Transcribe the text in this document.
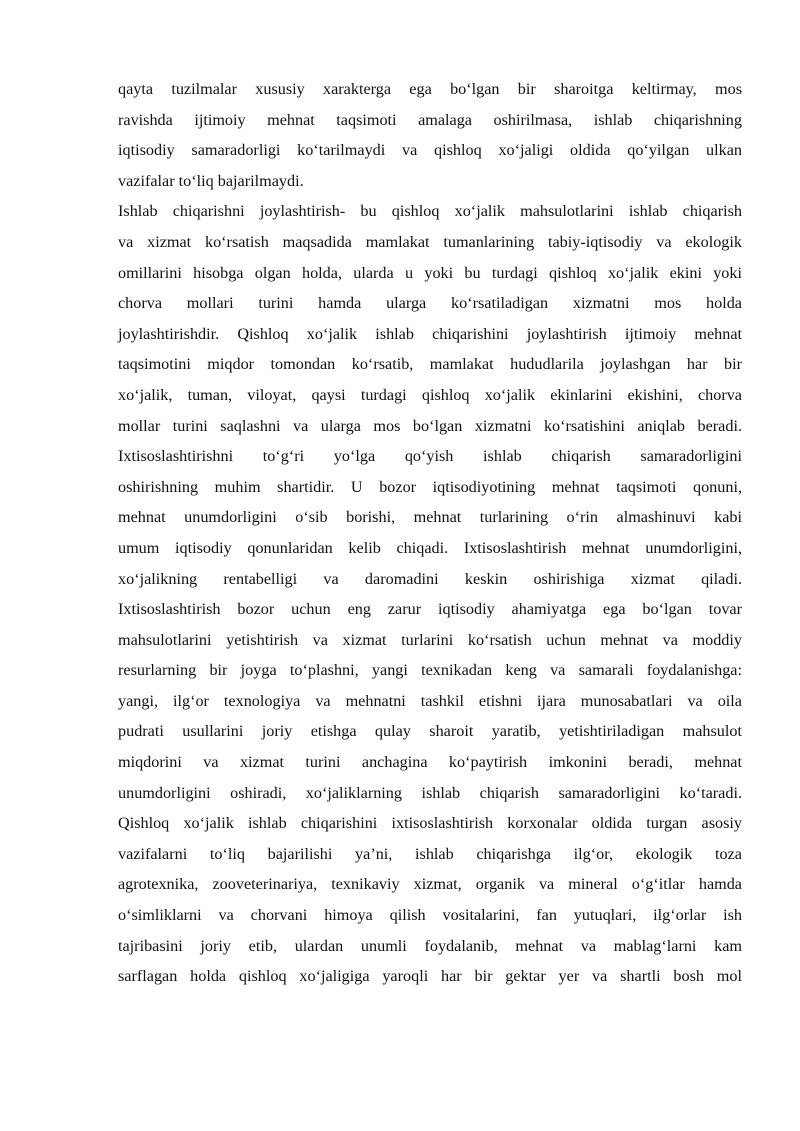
qayta tuzilmalar xususiy xarakterga ega boʻlgan bir sharoitga keltirmay, mos
ravishda ijtimoiy mehnat taqsimoti amalaga oshirilmasa, ishlab chiqarishning
iqtisodiy samaradorligi koʻtarilmaydi va qishloq xoʻjaligi oldida qoʻyilgan ulkan
vazifalar toʻliq bajarilmaydi.
Ishlab chiqarishni joylashtirish- bu qishloq xoʻjalik mahsulotlarini ishlab chiqarish
va xizmat koʻrsatish maqsadida mamlakat tumanlarining tabiy-iqtisodiy va ekologik
omillarini hisobga olgan holda, ularda u yoki bu turdagi qishloq xoʻjalik ekini yoki
chorva mollari turini hamda ularga koʻrsatiladigan xizmatni mos holda
joylashtirishdir. Qishloq xoʻjalik ishlab chiqarishini joylashtirish ijtimoiy mehnat
taqsimotini miqdor tomondan koʻrsatib, mamlakat hududlarila joylashgan har bir
xoʻjalik, tuman, viloyat, qaysi turdagi qishloq xoʻjalik ekinlarini ekishini, chorva
mollar turini saqlashni va ularga mos boʻlgan xizmatni koʻrsatishini aniqlab beradi.
Ixtisoslashtirishni toʻgʻri yoʻlga qoʻyish ishlab chiqarish samaradorligini
oshirishning muhim shartidir. U bozor iqtisodiyotining mehnat taqsimoti qonuni,
mehnat unumdorligini oʻsib borishi, mehnat turlarining oʻrin almashinuvi kabi
umum iqtisodiy qonunlaridan kelib chiqadi. Ixtisoslashtirish mehnat unumdorligini,
xoʻjalikning rentabelligi va daromadini keskin oshirishiga xizmat qiladi.
Ixtisoslashtirish bozor uchun eng zarur iqtisodiy ahamiyatga ega boʻlgan tovar
mahsulotlarini yetishtirish va xizmat turlarini koʻrsatish uchun mehnat va moddiy
resurlarning bir joyga toʻplashni, yangi texnikadan keng va samarali foydalanishga:
yangi, ilgʻor texnologiya va mehnatni tashkil etishni ijara munosabatlari va oila
pudrati usullarini joriy etishga qulay sharoit yaratib, yetishtiriladigan mahsulot
miqdorini va xizmat turini anchagina koʻpaytirish imkonini beradi, mehnat
unumdorligini oshiradi, xoʻjaliklarning ishlab chiqarish samaradorligini koʻtaradi.
Qishloq xoʻjalik ishlab chiqarishini ixtisoslashtirish korxonalar oldida turgan asosiy
vazifalarni toʻliq bajarilishi yaʼni, ishlab chiqarishga ilgʻor, ekologik toza
agrotexnika, zooveterinariya, texnikaviy xizmat, organik va mineral oʻgʻitlar hamda
oʻsimliklarni va chorvani himoya qilish vositalarini, fan yutuqlari, ilgʻorlar ish
tajribasini joriy etib, ulardan unumli foydalanib, mehnat va mablagʻlarni kam
sarflagan holda qishloq xoʻjaligiga yaroqli har bir gektar yer va shartli bosh mol
